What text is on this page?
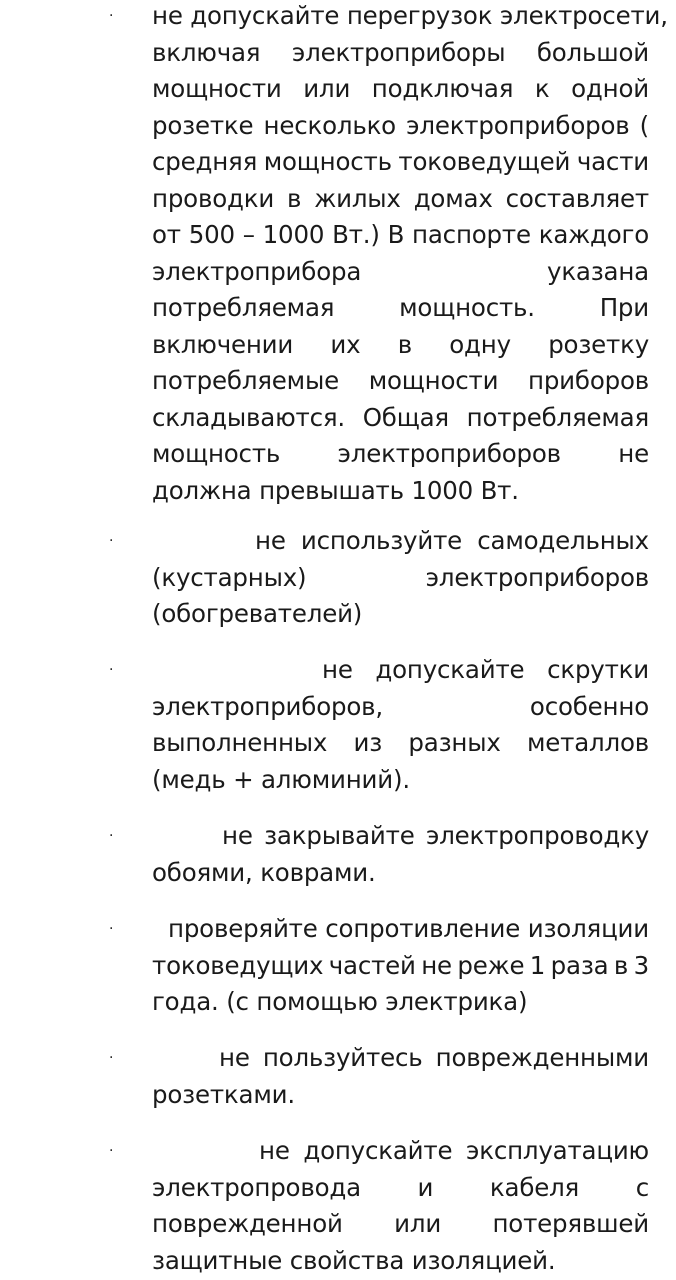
· не допускайте перегрузок электросети,
включая электроприборы большой
мощности или подключая к одной
розетке несколько электроприборов (
средняя мощность токоведущей части
проводки в жилых домах составляет
от 500 – 1000 Вт.) В паспорте каждого
электроприбора указана
потребляемая мощность. При
включении их в одну розетку
потребляемые мощности приборов
складываются. Общая потребляемая
мощность электроприборов не
должна превышать 1000 Вт.
·	не используйте самодельных
(кустарных) электроприборов
(обогревателей)
·	не допускайте скрутки
электроприборов, особенно
выполненных из разных металлов
(медь + алюминий).
·	не закрывайте электропроводку
обоями, коврами.
· проверяйте сопротивление изоляции
токоведущих частей не реже 1 раза в 3
года. (с помощью электрика)
·	не пользуйтесь поврежденными
розетками.
·	не допускайте эксплуатацию
электропровода и кабеля с
поврежденной или потерявшей
защитные свойства изоляцией.
